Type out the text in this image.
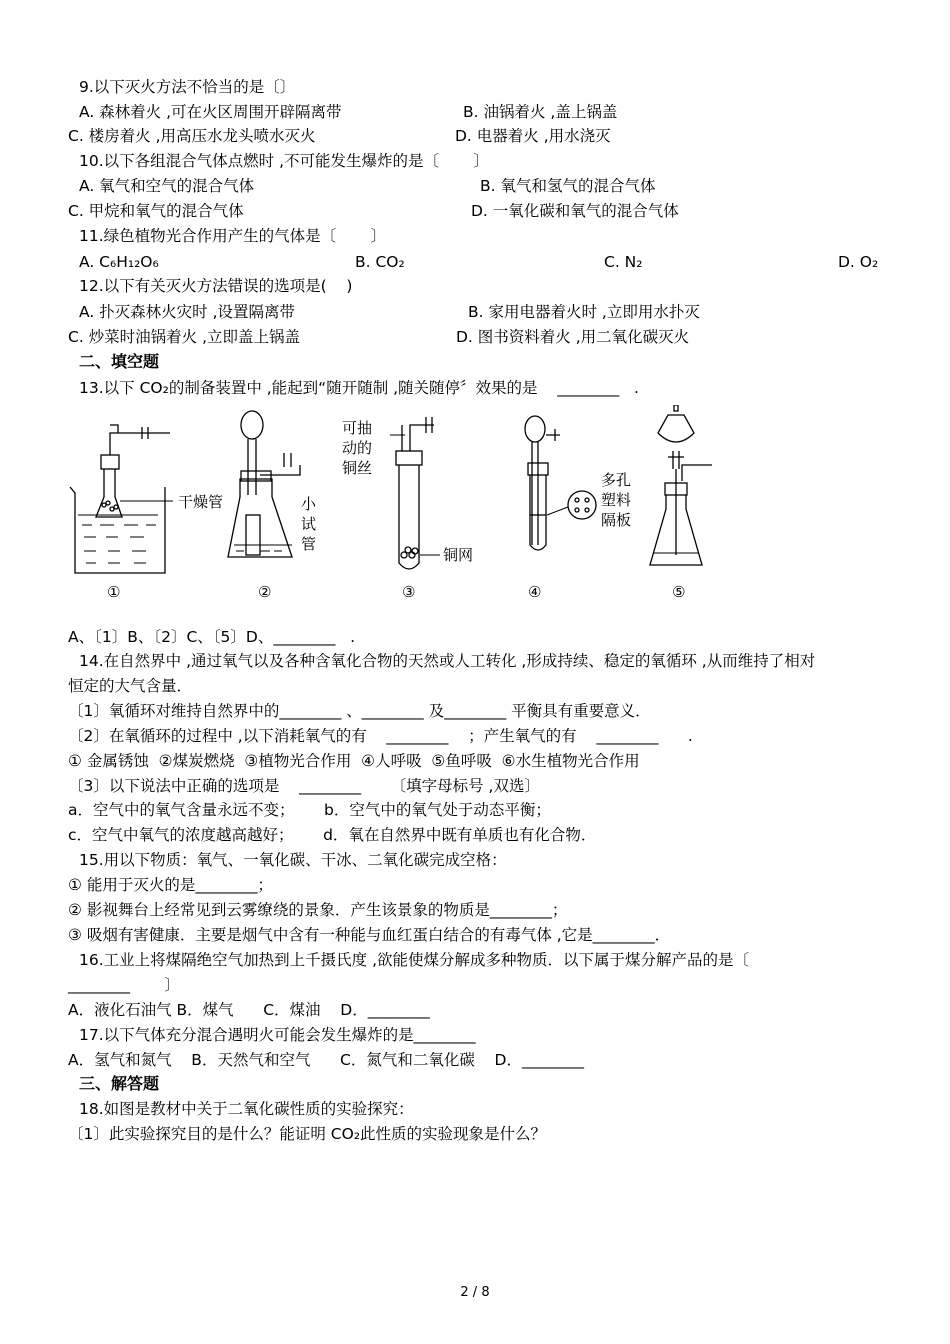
9.以下灭火方法不恰当的是〔〕
A. 森林着火 ,可在火区周围开辟隔离带	B. 油锅着火 ,盖上锅盖
C. 楼房着火 ,用高压水龙头喷水灭火	D. 电器着火 ,用水浇灭
10.以下各组混合气体点燃时 ,不可能发生爆炸的是〔       〕
A. 氧气和空气的混合气体	B. 氧气和氢气的混合气体
C. 甲烷和氧气的混合气体	D. 一氧化碳和氧气的混合气体
11.绿色植物光合作用产生的气体是〔       〕
A. C₆H₁₂O₆	B. CO₂	C. N₂	D. O₂
12.以下有关灭火方法错误的选项是(    )
A. 扑灭森林火灾时 ,设置隔离带	B. 家用电器着火时 ,立即用水扑灭
C. 炒菜时油锅着火 ,立即盖上锅盖	D. 图书资料着火 ,用二氧化碳灭火
二、填空题
13.以下 CO₂的制备装置中 ,能起到“随开随制 ,随关随停〞效果的是    ________   .
干燥管	小
试
管
可抽
动的
铜丝
铜网
多孔
塑料
隔板
①	②	③	④	⑤
A、〔1〕B、〔2〕C、〔5〕D、________   .
14.在自然界中 ,通过氧气以及各种含氧化合物的天然或人工转化 ,形成持续、稳定的氧循环 ,从而维持了相对
恒定的大气含量．
〔1〕氧循环对维持自然界中的________ 、________ 及________ 平衡具有重要意义．
〔2〕在氧循环的过程中 ,以下消耗氧气的有    ________    ；产生氧气的有    ________      .
① 金属锈蚀  ②煤炭燃烧  ③植物光合作用  ④人呼吸  ⑤鱼呼吸  ⑥水生植物光合作用
〔3〕以下说法中正确的选项是    ________      〔填字母标号 ,双选〕
a．空气中的氧气含量永远不变；      b．空气中的氧气处于动态平衡；
c．空气中氧气的浓度越高越好；      d．氧在自然界中既有单质也有化合物．
15.用以下物质：氧气、一氧化碳、干冰、二氧化碳完成空格：
① 能用于灭火的是________；
② 影视舞台上经常见到云雾缭绕的景象．产生该景象的物质是________；
③ 吸烟有害健康．主要是烟气中含有一种能与血红蛋白结合的有毒气体 ,它是________．
16.工业上将煤隔绝空气加热到上千摄氏度 ,欲能使煤分解成多种物质．以下属于煤分解产品的是〔
________       〕
A．液化石油气 B．煤气      C．煤油    D．________
17.以下气体充分混合遇明火可能会发生爆炸的是________
A．氢气和氮气    B．天然气和空气      C．氮气和二氧化碳    D．________
三、解答题
18.如图是教材中关于二氧化碳性质的实验探究：
〔1〕此实验探究目的是什么？能证明 CO₂此性质的实验现象是什么？
2 / 8
